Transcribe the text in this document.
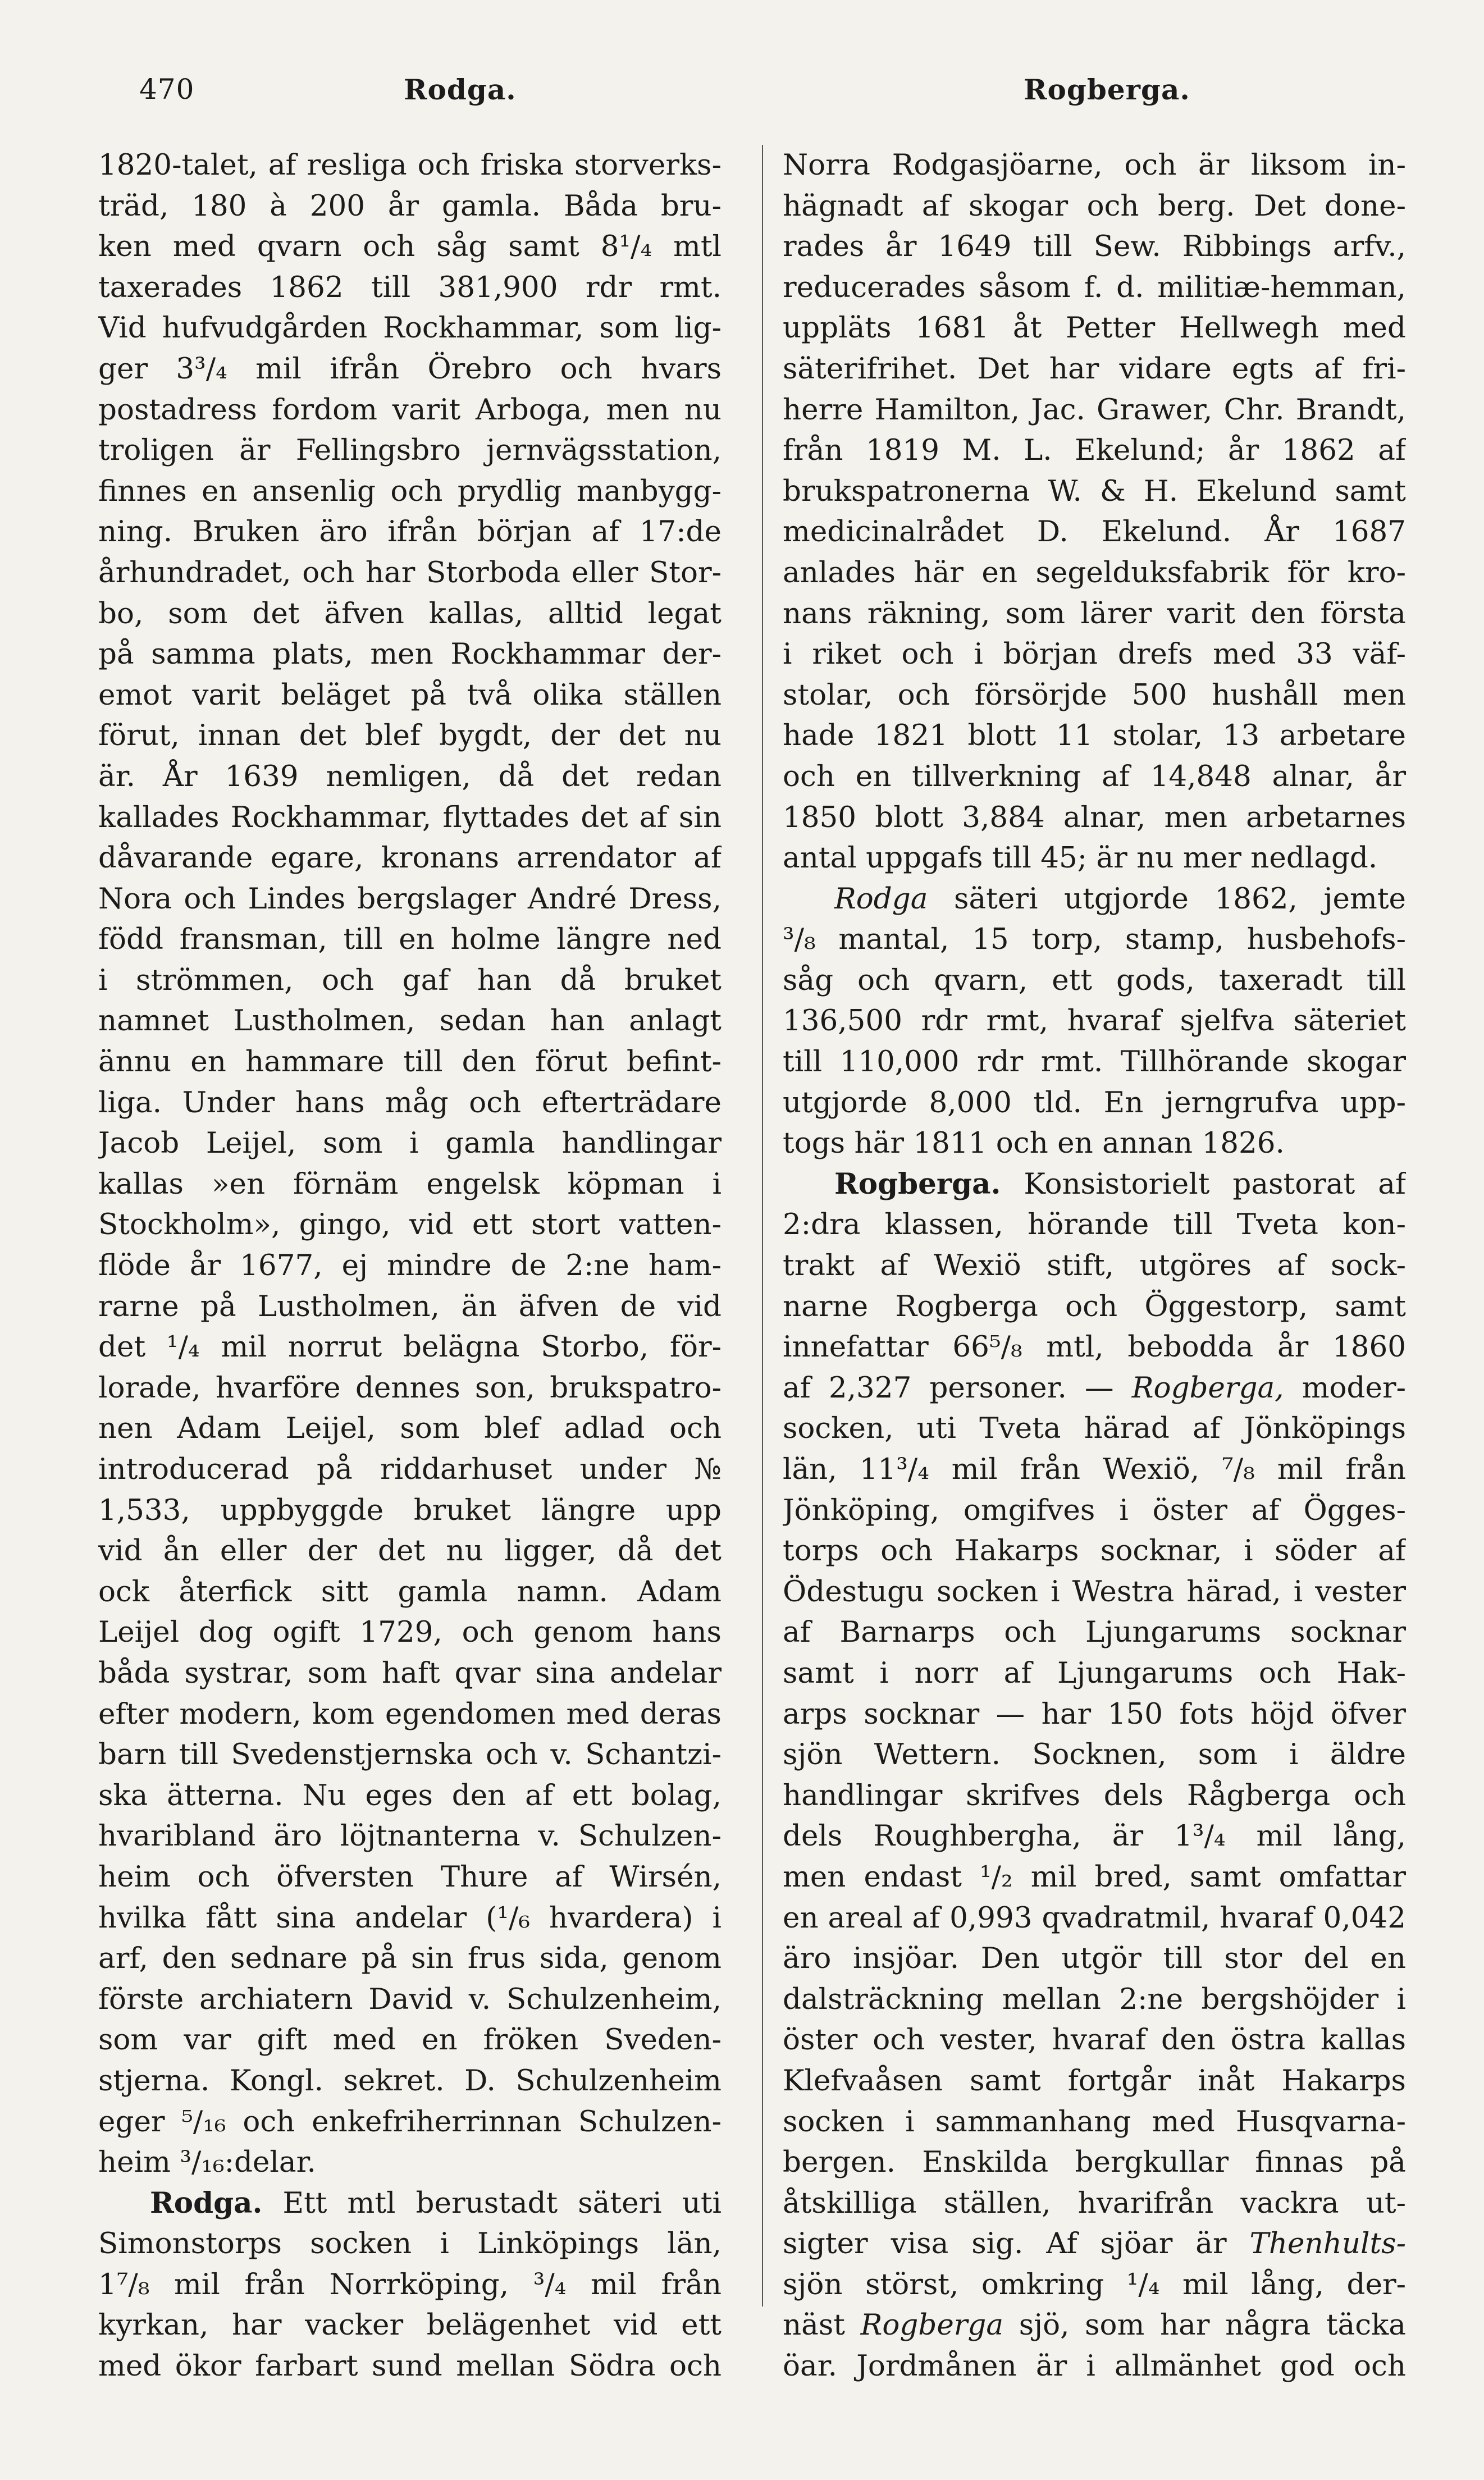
470	Rodga.	Rogberga.
1820-talet, af resliga och friska storverks-
träd, 180 à 200 år gamla. Båda bru-
ken med qvarn och såg samt 8¹/₄ mtl
taxerades 1862 till 381,900 rdr rmt.
Vid hufvudgården Rockhammar, som lig-
ger 3³/₄ mil ifrån Örebro och hvars
postadress fordom varit Arboga, men nu
troligen är Fellingsbro jernvägsstation,
finnes en ansenlig och prydlig manbygg-
ning. Bruken äro ifrån början af 17:de
århundradet, och har Storboda eller Stor-
bo, som det äfven kallas, alltid legat
på samma plats, men Rockhammar der-
emot varit beläget på två olika ställen
förut, innan det blef bygdt, der det nu
är. År 1639 nemligen, då det redan
kallades Rockhammar, flyttades det af sin
dåvarande egare, kronans arrendator af
Nora och Lindes bergslager André Dress,
född fransman, till en holme längre ned
i strömmen, och gaf han då bruket
namnet Lustholmen, sedan han anlagt
ännu en hammare till den förut befint-
liga. Under hans måg och efterträdare
Jacob Leijel, som i gamla handlingar
kallas »en förnäm engelsk köpman i
Stockholm», gingo, vid ett stort vatten-
flöde år 1677, ej mindre de 2:ne ham-
rarne på Lustholmen, än äfven de vid
det ¹/₄ mil norrut belägna Storbo, för-
lorade, hvarföre dennes son, brukspatro-
nen Adam Leijel, som blef adlad och
introducerad på riddarhuset under №
1,533, uppbyggde bruket längre upp
vid ån eller der det nu ligger, då det
ock återfick sitt gamla namn. Adam
Leijel dog ogift 1729, och genom hans
båda systrar, som haft qvar sina andelar
efter modern, kom egendomen med deras
barn till Svedenstjernska och v. Schantzi-
ska ätterna. Nu eges den af ett bolag,
hvaribland äro löjtnanterna v. Schulzen-
heim och öfversten Thure af Wirsén,
hvilka fått sina andelar (¹/₆ hvardera) i
arf, den sednare på sin frus sida, genom
förste archiatern David v. Schulzenheim,
som var gift med en fröken Sveden-
stjerna. Kongl. sekret. D. Schulzenheim
eger ⁵/₁₆ och enkefriherrinnan Schulzen-
heim ³/₁₆:delar.
Rodga. Ett mtl berustadt säteri uti
Simonstorps socken i Linköpings län,
1⁷/₈ mil från Norrköping, ³/₄ mil från
kyrkan, har vacker belägenhet vid ett
med ökor farbart sund mellan Södra och
Norra Rodgasjöarne, och är liksom in-
hägnadt af skogar och berg. Det done-
rades år 1649 till Sew. Ribbings arfv.,
reducerades såsom f. d. militiæ-hemman,
uppläts 1681 åt Petter Hellwegh med
säterifrihet. Det har vidare egts af fri-
herre Hamilton, Jac. Grawer, Chr. Brandt,
från 1819 M. L. Ekelund; år 1862 af
brukspatronerna W. & H. Ekelund samt
medicinalrådet D. Ekelund. År 1687
anlades här en segelduksfabrik för kro-
nans räkning, som lärer varit den första
i riket och i början drefs med 33 väf-
stolar, och försörjde 500 hushåll men
hade 1821 blott 11 stolar, 13 arbetare
och en tillverkning af 14,848 alnar, år
1850 blott 3,884 alnar, men arbetarnes
antal uppgafs till 45; är nu mer nedlagd.
Rodga säteri utgjorde 1862, jemte
³/₈ mantal, 15 torp, stamp, husbehofs-
såg och qvarn, ett gods, taxeradt till
136,500 rdr rmt, hvaraf sjelfva säteriet
till 110,000 rdr rmt. Tillhörande skogar
utgjorde 8,000 tld. En jerngrufva upp-
togs här 1811 och en annan 1826.
Rogberga. Konsistorielt pastorat af
2:dra klassen, hörande till Tveta kon-
trakt af Wexiö stift, utgöres af sock-
narne Rogberga och Öggestorp, samt
innefattar 66⁵/₈ mtl, bebodda år 1860
af 2,327 personer. — Rogberga, moder-
socken, uti Tveta härad af Jönköpings
län, 11³/₄ mil från Wexiö, ⁷/₈ mil från
Jönköping, omgifves i öster af Ögges-
torps och Hakarps socknar, i söder af
Ödestugu socken i Westra härad, i vester
af Barnarps och Ljungarums socknar
samt i norr af Ljungarums och Hak-
arps socknar — har 150 fots höjd öfver
sjön Wettern. Socknen, som i äldre
handlingar skrifves dels Rågberga och
dels Roughbergha, är 1³/₄ mil lång,
men endast ¹/₂ mil bred, samt omfattar
en areal af 0,993 qvadratmil, hvaraf 0,042
äro insjöar. Den utgör till stor del en
dalsträckning mellan 2:ne bergshöjder i
öster och vester, hvaraf den östra kallas
Klefvaåsen samt fortgår inåt Hakarps
socken i sammanhang med Husqvarna-
bergen. Enskilda bergkullar finnas på
åtskilliga ställen, hvarifrån vackra ut-
sigter visa sig. Af sjöar är Thenhults-
sjön störst, omkring ¹/₄ mil lång, der-
näst Rogberga sjö, som har några täcka
öar. Jordmånen är i allmänhet god och
